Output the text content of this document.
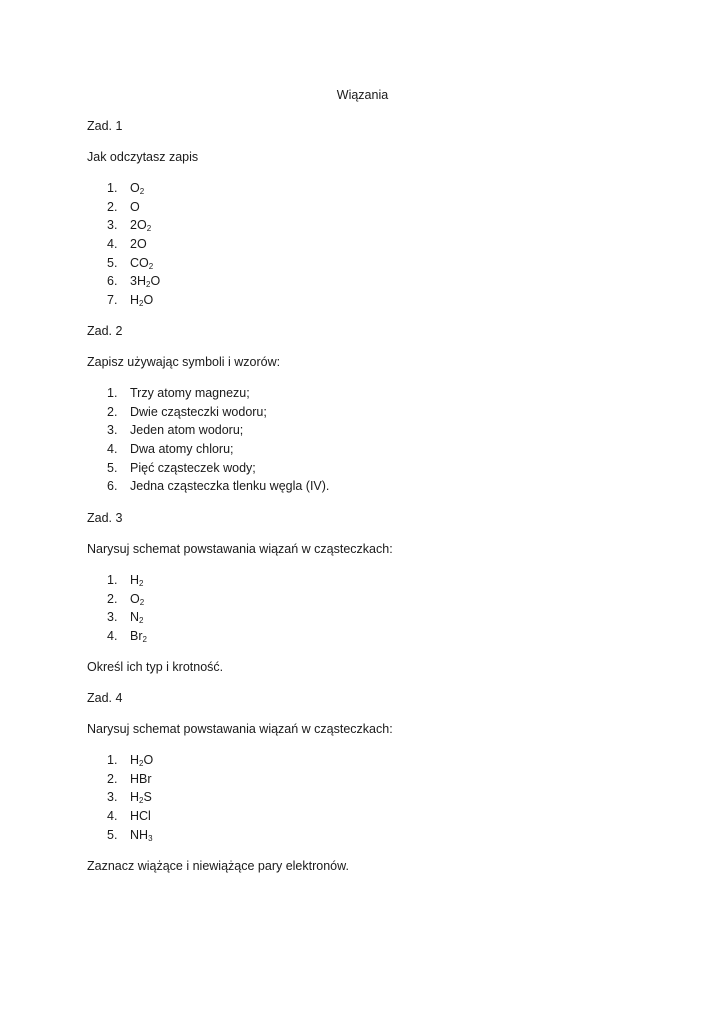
Wiązania
Zad. 1
Jak odczytasz zapis
1. $O_2$
2. O
3. $2O_2$
4. 2O
5. $CO_2$
6. $3H_2O$
7. $H_2O$
Zad. 2
Zapisz używając symboli i wzorów:
1. Trzy atomy magnezu;
2. Dwie cząsteczki wodoru;
3. Jeden atom wodoru;
4. Dwa atomy chloru;
5. Pięć cząsteczek wody;
6. Jedna cząsteczka tlenku węgla (IV).
Zad. 3
Narysuj schemat powstawania wiązań w cząsteczkach:
1. $H_2$
2. $O_2$
3. $N_2$
4. $Br_2$
Określ ich typ i krotność.
Zad. 4
Narysuj schemat powstawania wiązań w cząsteczkach:
1. $H_2O$
2. HBr
3. $H_2S$
4. HCl
5. $NH_3$
Zaznacz wiążące i niewiążące pary elektronów.
